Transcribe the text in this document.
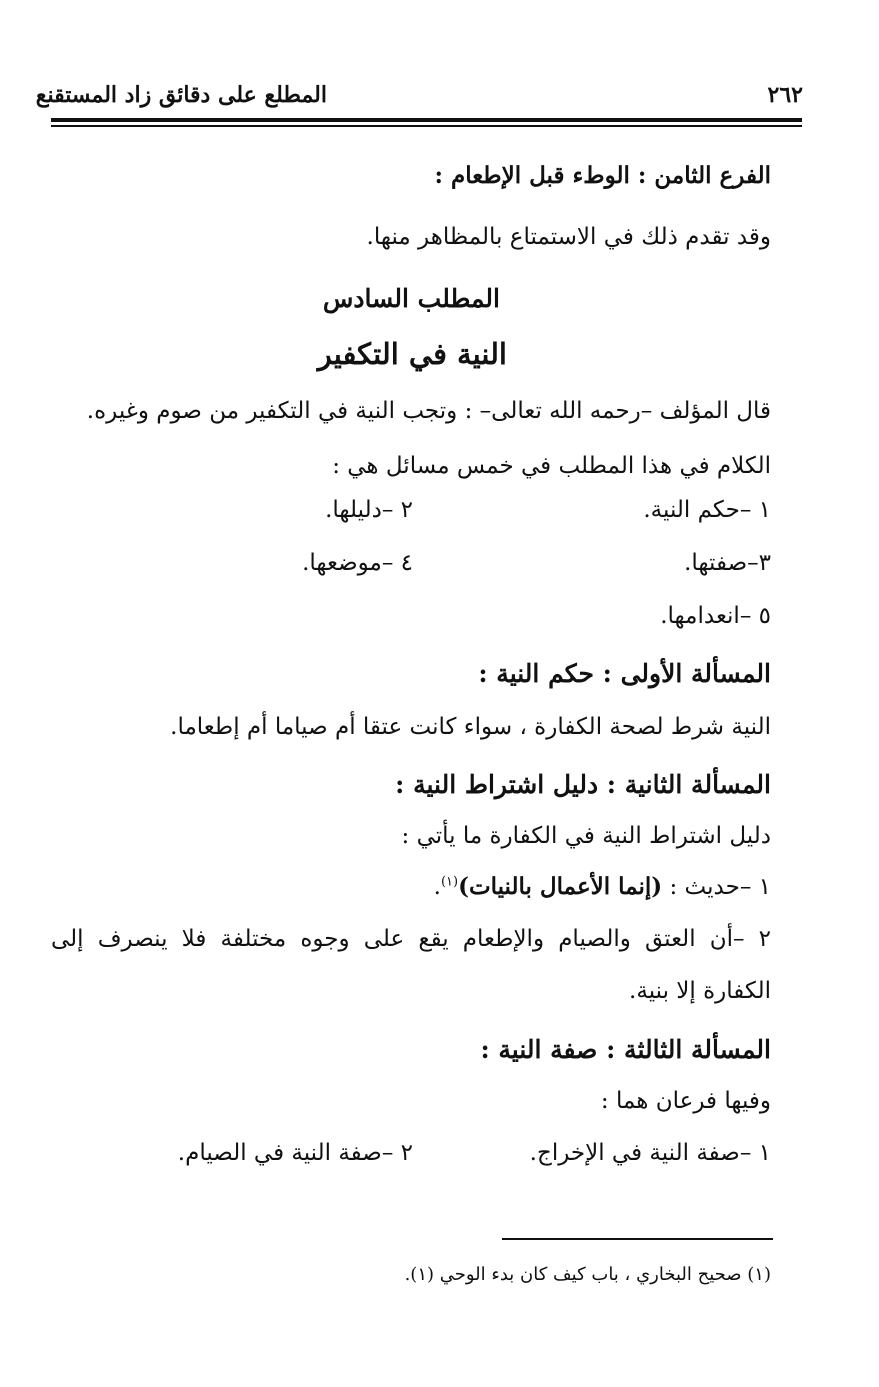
٢٦٢
المطلع على دقائق زاد المستقنع
الفرع الثامن : الوطء قبل الإطعام :
وقد تقدم ذلك في الاستمتاع بالمظاهر منها.
المطلب السادس
النية في التكفير
قال المؤلف –رحمه الله تعالى– : وتجب النية في التكفير من صوم وغيره.
الكلام في هذا المطلب في خمس مسائل هي :
١ –حكم النية.
٢ –دليلها.
٣–صفتها.
٤ –موضعها.
٥ –انعدامها.
المسألة الأولى : حكم النية :
النية شرط لصحة الكفارة ، سواء كانت عتقا أم صياما أم إطعاما.
المسألة الثانية : دليل اشتراط النية :
دليل اشتراط النية في الكفارة ما يأتي :
١ –حديث : (إنما الأعمال بالنيات)$^{(١)}$.
٢ –أن العتق والصيام والإطعام يقع على وجوه مختلفة فلا ينصرف إلى
الكفارة إلا بنية.
المسألة الثالثة : صفة النية :
وفيها فرعان هما :
١ –صفة النية في الإخراج.
٢ –صفة النية في الصيام.
(١) صحيح البخاري ، باب كيف كان بدء الوحي (١).
